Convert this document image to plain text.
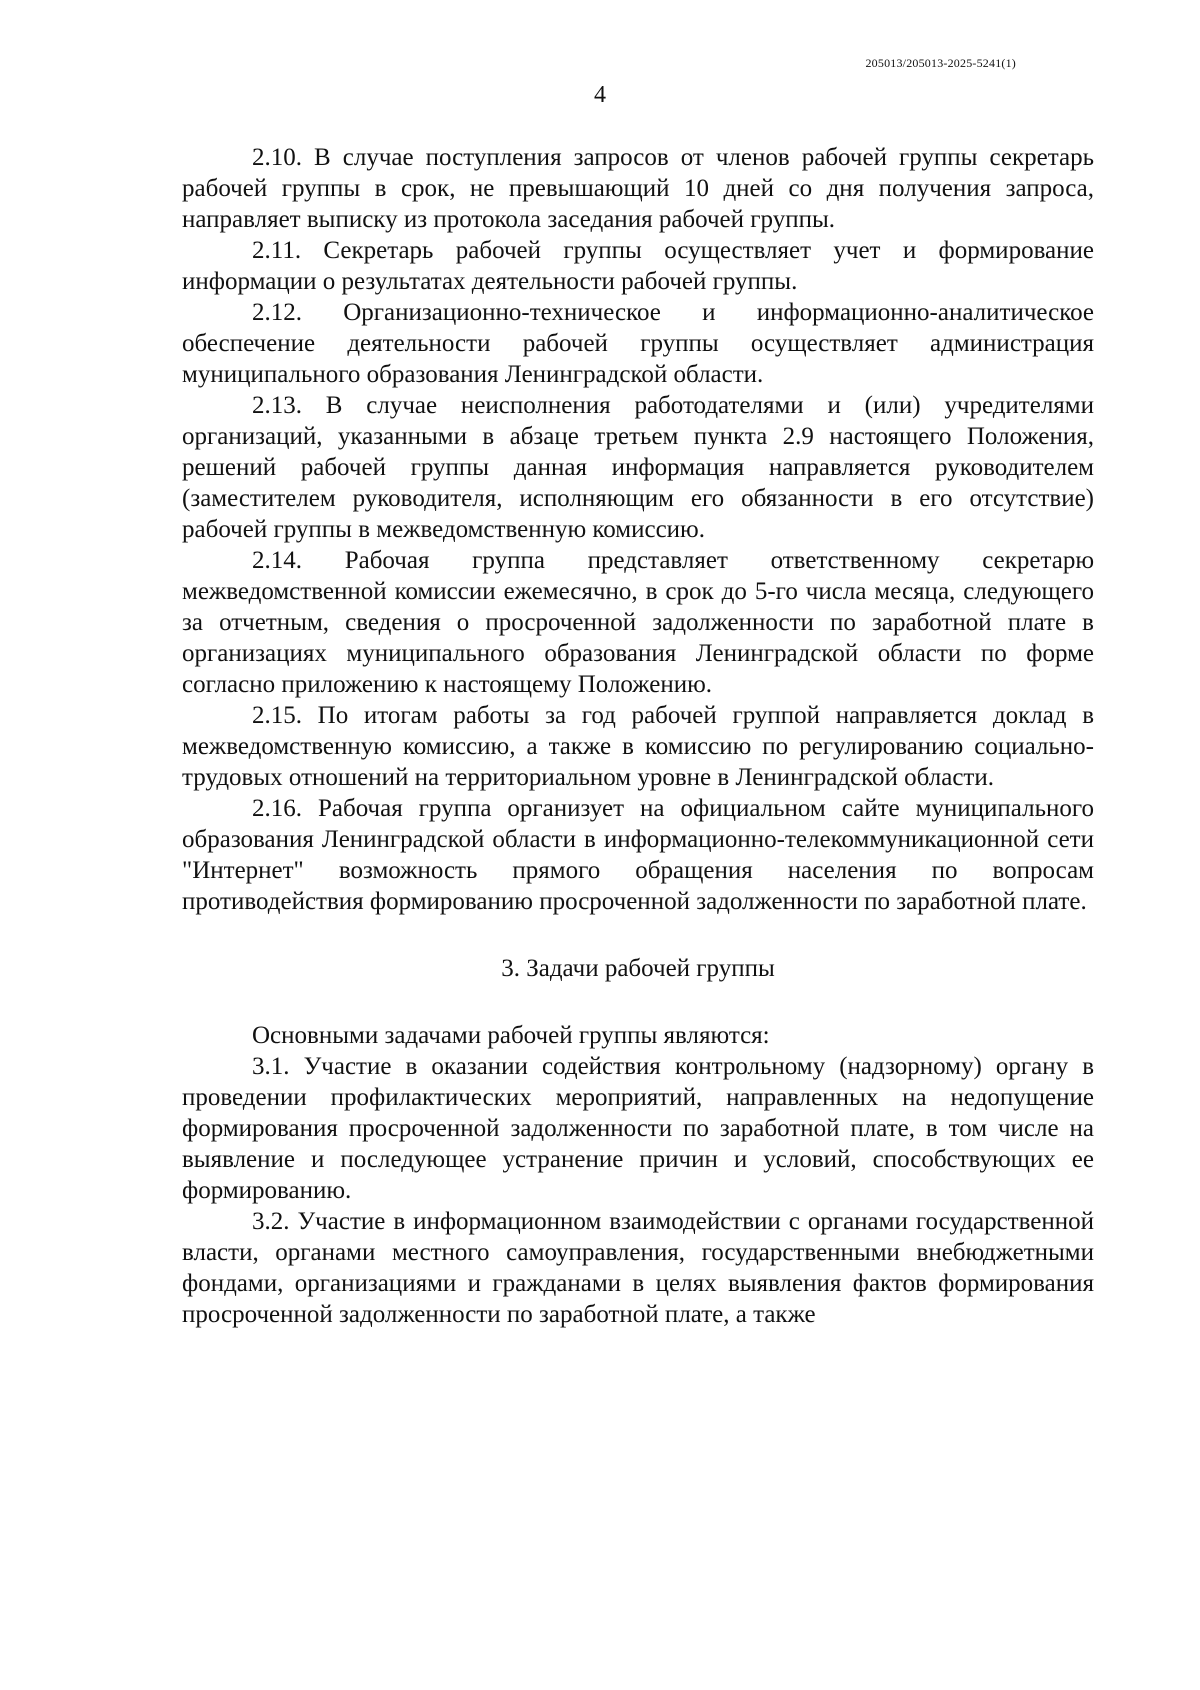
205013/205013-2025-5241(1)
4

2.10. В случае поступления запросов от членов рабочей группы секретарь рабочей группы в срок, не превышающий 10 дней со дня получения запроса, направляет выписку из протокола заседания рабочей группы.

2.11. Секретарь рабочей группы осуществляет учет и формирование информации о результатах деятельности рабочей группы.

2.12. Организационно-техническое и информационно-аналитическое обеспечение деятельности рабочей группы осуществляет администрация муниципального образования Ленинградской области.

2.13. В случае неисполнения работодателями и (или) учредителями организаций, указанными в абзаце третьем пункта 2.9 настоящего Положения, решений рабочей группы данная информация направляется руководителем (заместителем руководителя, исполняющим его обязанности в его отсутствие) рабочей группы в межведомственную комиссию.

2.14. Рабочая группа представляет ответственному секретарю межведомственной комиссии ежемесячно, в срок до 5-го числа месяца, следующего за отчетным, сведения о просроченной задолженности по заработной плате в организациях муниципального образования Ленинградской области по форме согласно приложению к настоящему Положению.

2.15. По итогам работы за год рабочей группой направляется доклад в межведомственную комиссию, а также в комиссию по регулированию социально-трудовых отношений на территориальном уровне в Ленинградской области.

2.16. Рабочая группа организует на официальном сайте муниципального образования Ленинградской области в информационно-телекоммуникационной сети "Интернет" возможность прямого обращения населения по вопросам противодействия формированию просроченной задолженности по заработной плате.

3. Задачи рабочей группы

Основными задачами рабочей группы являются:

3.1. Участие в оказании содействия контрольному (надзорному) органу в проведении профилактических мероприятий, направленных на недопущение формирования просроченной задолженности по заработной плате, в том числе на выявление и последующее устранение причин и условий, способствующих ее формированию.

3.2. Участие в информационном взаимодействии с органами государственной власти, органами местного самоуправления, государственными внебюджетными фондами, организациями и гражданами в целях выявления фактов формирования просроченной задолженности по заработной плате, а также
